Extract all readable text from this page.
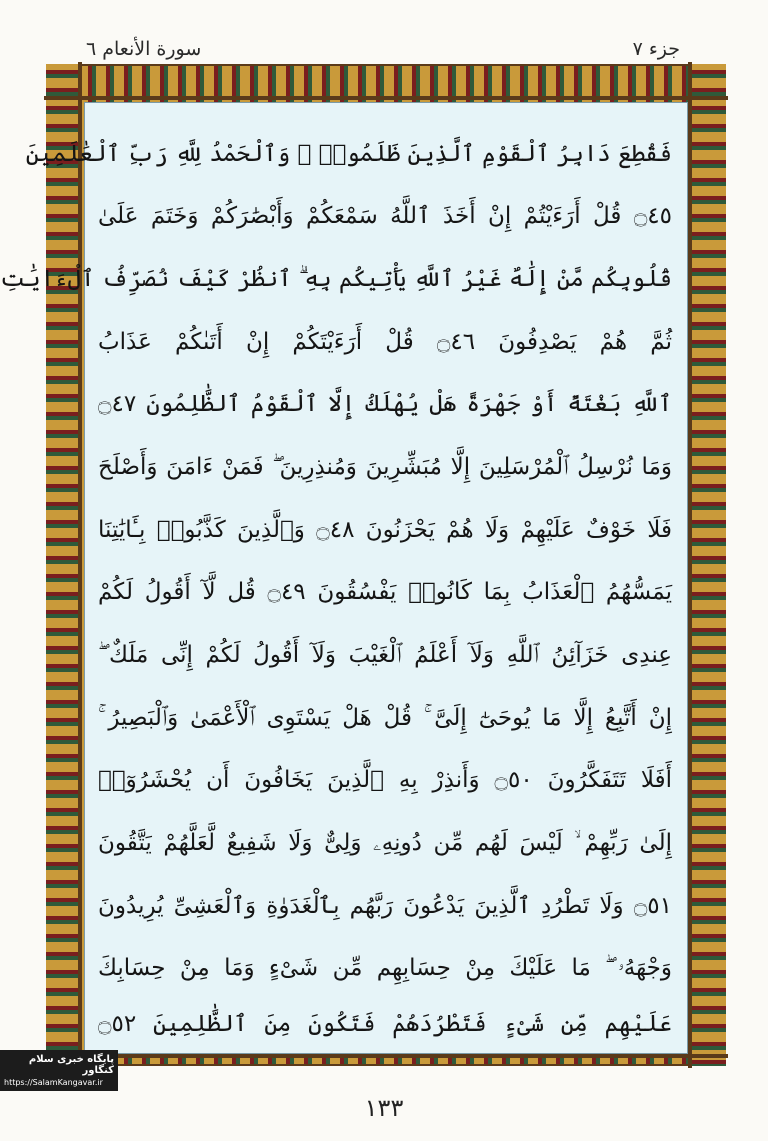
جزء ٧
سورة الأنعام ٦
فَقُطِعَ دَابِرُ ٱلْقَوْمِ ٱلَّذِينَ ظَلَمُوا۟ ۚ وَٱلْحَمْدُ لِلَّهِ رَبِّ ٱلْعَٰلَمِينَ
۝٤٥ قُلْ أَرَءَيْتُمْ إِنْ أَخَذَ ٱللَّهُ سَمْعَكُمْ وَأَبْصَٰرَكُمْ وَخَتَمَ عَلَىٰ
قُلُوبِكُم مَّنْ إِلَٰهٌ غَيْرُ ٱللَّهِ يَأْتِيكُم بِهِ ۗ ٱنظُرْ كَيْفَ نُصَرِّفُ ٱلْءَايَٰتِ
ثُمَّ هُمْ يَصْدِفُونَ ۝٤٦ قُلْ أَرَءَيْتَكُمْ إِنْ أَتَىٰكُمْ عَذَابُ
ٱللَّهِ بَغْتَةً أَوْ جَهْرَةً هَلْ يُهْلَكُ إِلَّا ٱلْقَوْمُ ٱلظَّٰلِمُونَ ۝٤٧
وَمَا نُرْسِلُ ٱلْمُرْسَلِينَ إِلَّا مُبَشِّرِينَ وَمُنذِرِينَ ۖ فَمَنْ ءَامَنَ وَأَصْلَحَ
فَلَا خَوْفٌ عَلَيْهِمْ وَلَا هُمْ يَحْزَنُونَ ۝٤٨ وَٱلَّذِينَ كَذَّبُوا۟ بِـَٔايَٰتِنَا
يَمَسُّهُمُ ٱلْعَذَابُ بِمَا كَانُوا۟ يَفْسُقُونَ ۝٤٩ قُل لَّآ أَقُولُ لَكُمْ
عِندِى خَزَآئِنُ ٱللَّهِ وَلَآ أَعْلَمُ ٱلْغَيْبَ وَلَآ أَقُولُ لَكُمْ إِنِّى مَلَكٌ ۖ
إِنْ أَتَّبِعُ إِلَّا مَا يُوحَىٰٓ إِلَىَّ ۚ قُلْ هَلْ يَسْتَوِى ٱلْأَعْمَىٰ وَٱلْبَصِيرُ ۚ
أَفَلَا تَتَفَكَّرُونَ ۝٥٠ وَأَنذِرْ بِهِ ٱلَّذِينَ يَخَافُونَ أَن يُحْشَرُوٓا۟
إِلَىٰ رَبِّهِمْ ۙ لَيْسَ لَهُم مِّن دُونِهِۦ وَلِىٌّ وَلَا شَفِيعٌ لَّعَلَّهُمْ يَتَّقُونَ
۝٥١ وَلَا تَطْرُدِ ٱلَّذِينَ يَدْعُونَ رَبَّهُم بِٱلْغَدَوٰةِ وَٱلْعَشِىِّ يُرِيدُونَ
وَجْهَهُۥ ۖ مَا عَلَيْكَ مِنْ حِسَابِهِم مِّن شَىْءٍ وَمَا مِنْ حِسَابِكَ
عَلَيْهِم مِّن شَىْءٍ فَتَطْرُدَهُمْ فَتَكُونَ مِنَ ٱلظَّٰلِمِينَ ۝٥٢
پایگاه خبری سلام کنگاور
https://SalamKangavar.ir
١٣٣
